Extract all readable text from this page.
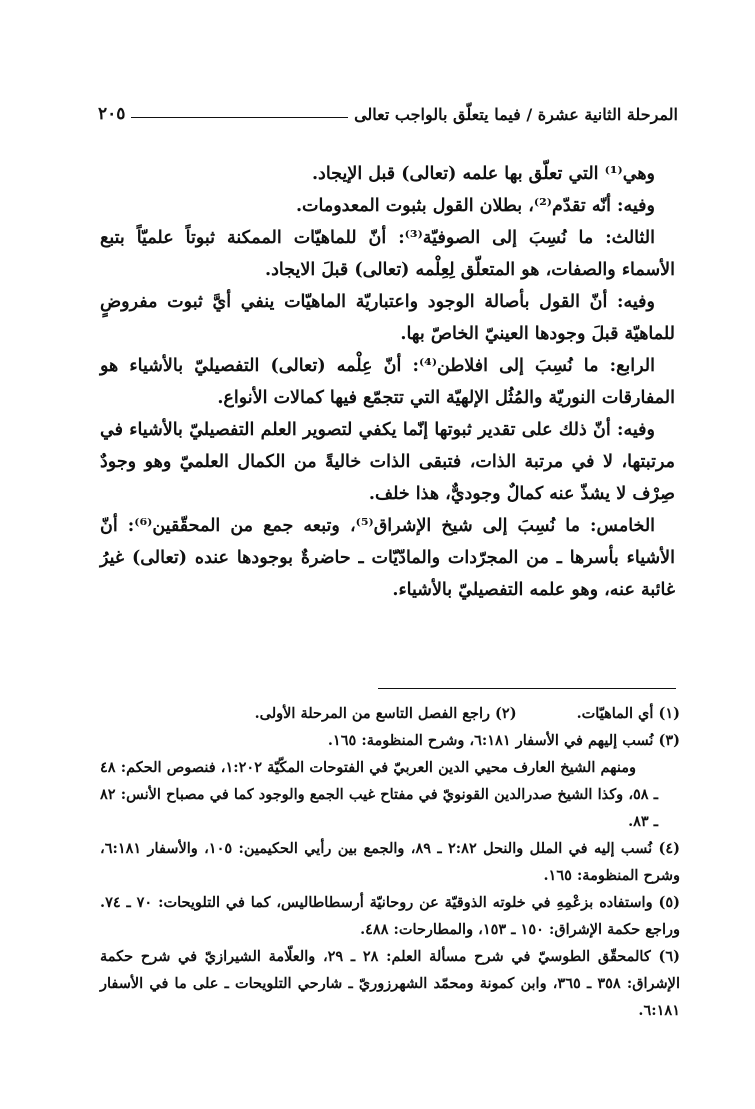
المرحلة الثانية عشرة / فيما يتعلّق بالواجب تعالى
٢٠٥

وهي⁽¹⁾ التي تعلّق بها علمه (تعالى) قبل الإيجاد.

وفيه: أنّه تقدّم⁽²⁾، بطلان القول بثبوت المعدومات.

الثالث: ما نُسِبَ إلى الصوفيّة⁽³⁾: أنّ للماهيّات الممكنة ثبوتاً علميّاً بتبع الأسماء والصفات، هو المتعلّق لِعِلْمه (تعالى) قبلَ الايجاد.

وفيه: أنّ القول بأصالة الوجود واعتباريّة الماهيّات ينفي أيَّ ثبوت مفروضٍ للماهيّة قبلَ وجودها العينيّ الخاصّ بها.

الرابع: ما نُسِبَ إلى افلاطن⁽⁴⁾: أنّ عِلْمه (تعالى) التفصيليّ بالأشياء هو المفارقات النوريّة والمُثُل الإلهيّة التي تتجمّع فيها كمالات الأنواع.

وفيه: أنّ ذلك على تقدير ثبوتها إنّما يكفي لتصوير العلم التفصيليّ بالأشياء في مرتبتها، لا في مرتبة الذات، فتبقى الذات خاليةً من الكمال العلميّ وهو وجودٌ صِرْف لا يشذّ عنه كمالٌ وجوديٌّ، هذا خلف.

الخامس: ما نُسِبَ إلى شيخ الإشراق⁽⁵⁾، وتبعه جمع من المحقّقين⁽⁶⁾: أنّ الأشياء بأسرها ـ من المجرّدات والمادّيّات ـ حاضرةٌ بوجودها عنده (تعالى) غيرُ غائبة عنه، وهو علمه التفصيليّ بالأشياء.

(١) أي الماهيّات.
(٢) راجع الفصل التاسع من المرحلة الأولى.

(٣) نُسب إليهم في الأسفار ٦:١٨١، وشرح المنظومة: ١٦٥.

ومنهم الشيخ العارف محيي الدين العربيّ في الفتوحات المكّيّة ١:٢٠٢، فنصوص الحكم: ٤٨ ـ ٥٨، وكذا الشيخ صدرالدين القونويّ في مفتاح غيب الجمع والوجود كما في مصباح الأنس: ٨٢ ـ ٨٣.

(٤) نُسب إليه في الملل والنحل ٢:٨٢ ـ ٨٩، والجمع بين رأيي الحكيمين: ١٠٥، والأسفار ٦:١٨١، وشرح المنظومة: ١٦٥.

(٥) واستفاده بزعْمِهِ في خلوته الذوقيّة عن روحانيّة أرسطاطاليس، كما في التلويحات: ٧٠ ـ ٧٤. وراجع حكمة الإشراق: ١٥٠ ـ ١٥٣، والمطارحات: ٤٨٨.

(٦) كالمحقّق الطوسيّ في شرح مسألة العلم: ٢٨ ـ ٢٩، والعلّامة الشيرازيّ في شرح حكمة الإشراق: ٣٥٨ ـ ٣٦٥، وابن كمونة ومحمّد الشهرزوريّ ـ شارحي التلويحات ـ على ما في الأسفار ٦:١٨١.
